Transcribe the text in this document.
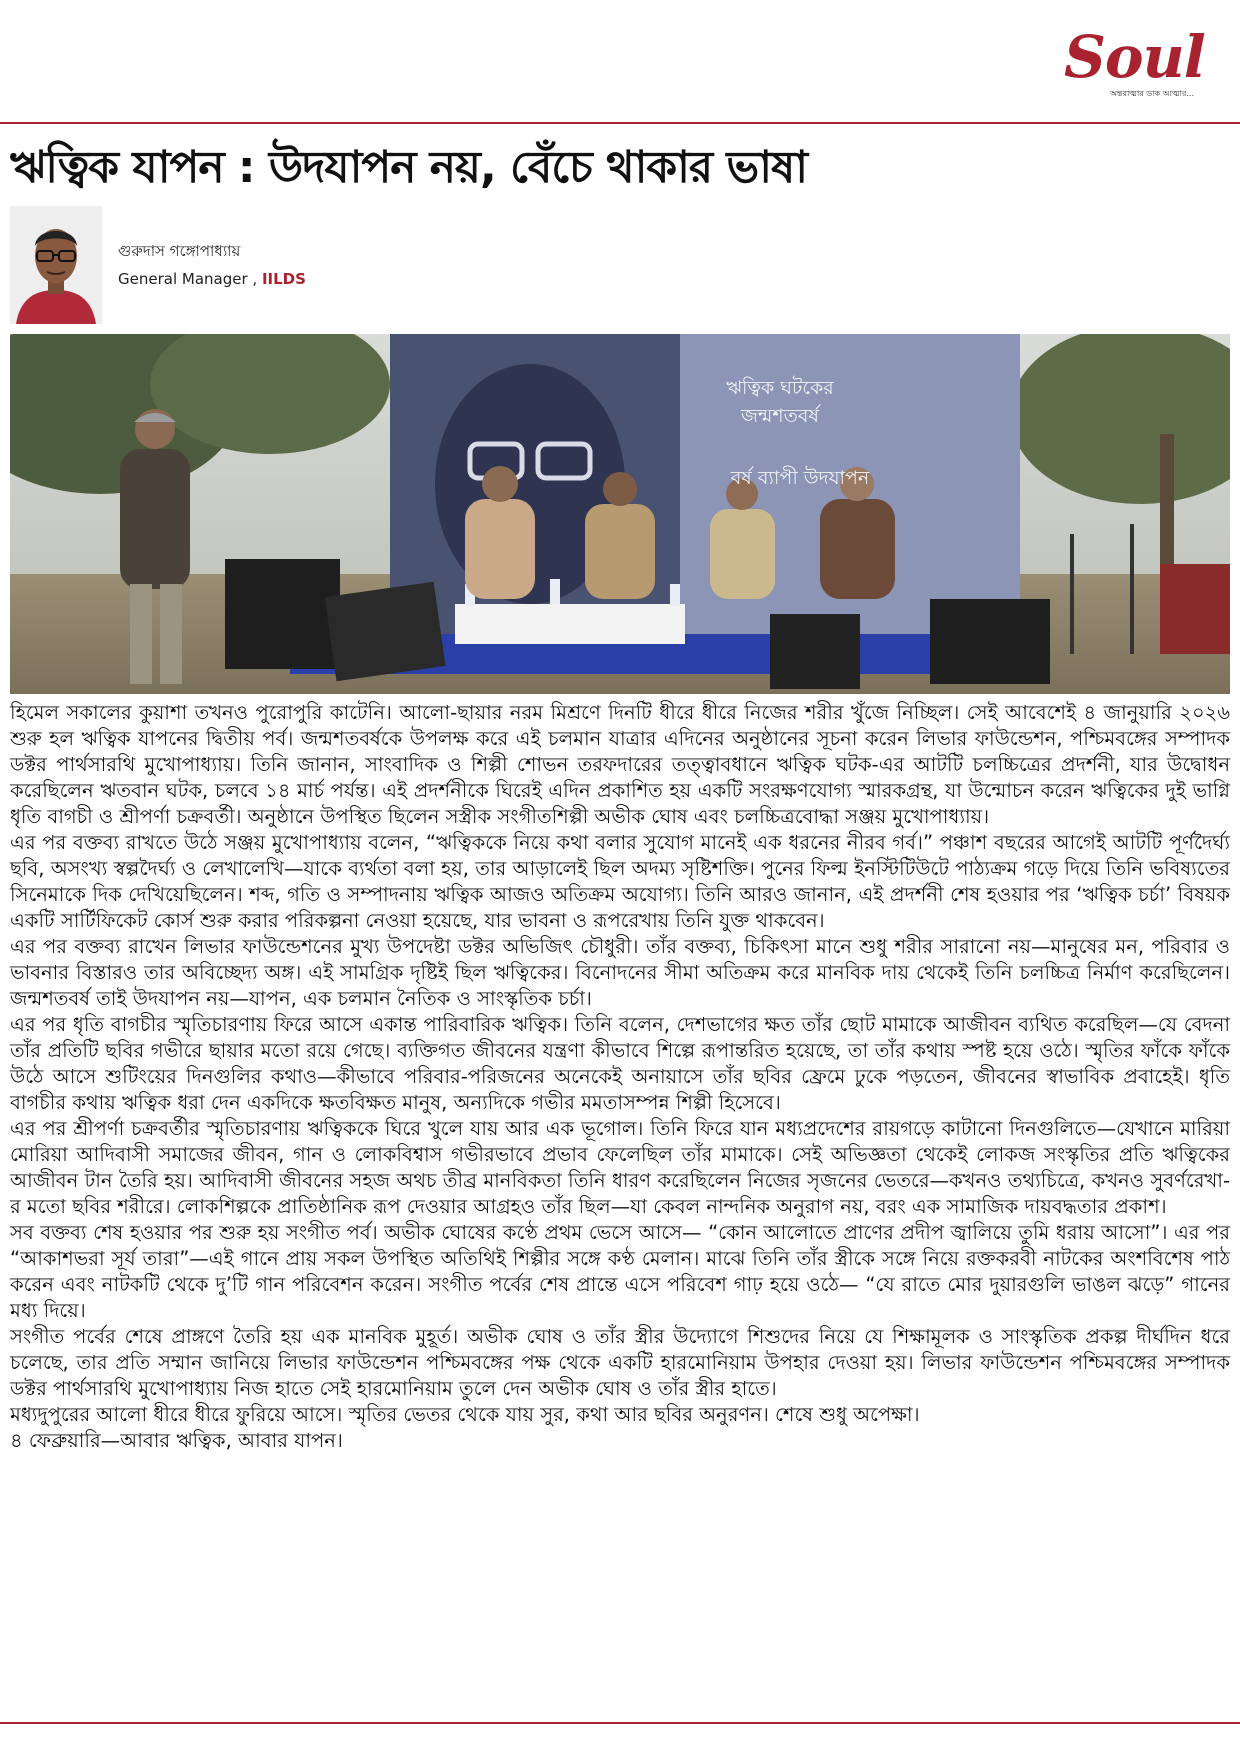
Soul
অন্তরাত্মার ডাক আত্মার...
ঋত্বিক যাপন : উদযাপন নয়, বেঁচে থাকার ভাষা
গুরুদাস গঙ্গোপাধ্যায়
General Manager , IILDS
ঋত্বিক ঘটকের
জন্মশতবর্ষ
বর্ষ ব্যাপী উদযাপন

হিমেল সকালের কুয়াশা তখনও পুরোপুরি কাটেনি। আলো-ছায়ার নরম মিশ্রণে দিনটি ধীরে ধীরে নিজের শরীর খুঁজে নিচ্ছিল। সেই আবেশেই ৪ জানুয়ারি ২০২৬ শুরু হল ঋত্বিক যাপনের দ্বিতীয় পর্ব। জন্মশতবর্ষকে উপলক্ষ করে এই চলমান যাত্রার এদিনের অনুষ্ঠানের সূচনা করেন লিভার ফাউন্ডেশন, পশ্চিমবঙ্গের সম্পাদক ডক্টর পার্থসারথি মুখোপাধ্যায়। তিনি জানান, সাংবাদিক ও শিল্পী শোভন তরফদারের তত্ত্বাবধানে ঋত্বিক ঘটক-এর আটটি চলচ্চিত্রের প্রদর্শনী, যার উদ্বোধন করেছিলেন ঋতবান ঘটক, চলবে ১৪ মার্চ পর্যন্ত। এই প্রদর্শনীকে ঘিরেই এদিন প্রকাশিত হয় একটি সংরক্ষণযোগ্য স্মারকগ্রন্থ, যা উন্মোচন করেন ঋত্বিকের দুই ভাগ্নি ধৃতি বাগচী ও শ্রীপর্ণা চক্রবর্তী। অনুষ্ঠানে উপস্থিত ছিলেন সস্ত্রীক সংগীতশিল্পী অভীক ঘোষ এবং চলচ্চিত্রবোদ্ধা সঞ্জয় মুখোপাধ্যায়।

এর পর বক্তব্য রাখতে উঠে সঞ্জয় মুখোপাধ্যায় বলেন, “ঋত্বিককে নিয়ে কথা বলার সুযোগ মানেই এক ধরনের নীরব গর্ব।” পঞ্চাশ বছরের আগেই আটটি পূর্ণদৈর্ঘ্য ছবি, অসংখ্য স্বল্পদৈর্ঘ্য ও লেখালেখি—যাকে ব্যর্থতা বলা হয়, তার আড়ালেই ছিল অদম্য সৃষ্টিশক্তি। পুনের ফিল্ম ইনস্টিটিউটে পাঠ্যক্রম গড়ে দিয়ে তিনি ভবিষ্যতের সিনেমাকে দিক দেখিয়েছিলেন। শব্দ, গতি ও সম্পাদনায় ঋত্বিক আজও অতিক্রম অযোগ্য। তিনি আরও জানান, এই প্রদর্শনী শেষ হওয়ার পর ‘ঋত্বিক চর্চা’ বিষয়ক একটি সার্টিফিকেট কোর্স শুরু করার পরিকল্পনা নেওয়া হয়েছে, যার ভাবনা ও রূপরেখায় তিনি যুক্ত থাকবেন।

এর পর বক্তব্য রাখেন লিভার ফাউন্ডেশনের মুখ্য উপদেষ্টা ডক্টর অভিজিৎ চৌধুরী। তাঁর বক্তব্য, চিকিৎসা মানে শুধু শরীর সারানো নয়—মানুষের মন, পরিবার ও ভাবনার বিস্তারও তার অবিচ্ছেদ্য অঙ্গ। এই সামগ্রিক দৃষ্টিই ছিল ঋত্বিকের। বিনোদনের সীমা অতিক্রম করে মানবিক দায় থেকেই তিনি চলচ্চিত্র নির্মাণ করেছিলেন। জন্মশতবর্ষ তাই উদযাপন নয়—যাপন, এক চলমান নৈতিক ও সাংস্কৃতিক চর্চা।

এর পর ধৃতি বাগচীর স্মৃতিচারণায় ফিরে আসে একান্ত পারিবারিক ঋত্বিক। তিনি বলেন, দেশভাগের ক্ষত তাঁর ছোট মামাকে আজীবন ব্যথিত করেছিল—যে বেদনা তাঁর প্রতিটি ছবির গভীরে ছায়ার মতো রয়ে গেছে। ব্যক্তিগত জীবনের যন্ত্রণা কীভাবে শিল্পে রূপান্তরিত হয়েছে, তা তাঁর কথায় স্পষ্ট হয়ে ওঠে। স্মৃতির ফাঁকে ফাঁকে উঠে আসে শুটিংয়ের দিনগুলির কথাও—কীভাবে পরিবার-পরিজনের অনেকেই অনায়াসে তাঁর ছবির ফ্রেমে ঢুকে পড়তেন, জীবনের স্বাভাবিক প্রবাহেই। ধৃতি বাগচীর কথায় ঋত্বিক ধরা দেন একদিকে ক্ষতবিক্ষত মানুষ, অন্যদিকে গভীর মমতাসম্পন্ন শিল্পী হিসেবে।

এর পর শ্রীপর্ণা চক্রবর্তীর স্মৃতিচারণায় ঋত্বিককে ঘিরে খুলে যায় আর এক ভূগোল। তিনি ফিরে যান মধ্যপ্রদেশের রায়গড়ে কাটানো দিনগুলিতে—যেখানে মারিয়া মোরিয়া আদিবাসী সমাজের জীবন, গান ও লোকবিশ্বাস গভীরভাবে প্রভাব ফেলেছিল তাঁর মামাকে। সেই অভিজ্ঞতা থেকেই লোকজ সংস্কৃতির প্রতি ঋত্বিকের আজীবন টান তৈরি হয়। আদিবাসী জীবনের সহজ অথচ তীব্র মানবিকতা তিনি ধারণ করেছিলেন নিজের সৃজনের ভেতরে—কখনও তথ্যচিত্রে, কখনও সুবর্ণরেখা-র মতো ছবির শরীরে। লোকশিল্পকে প্রাতিষ্ঠানিক রূপ দেওয়ার আগ্রহও তাঁর ছিল—যা কেবল নান্দনিক অনুরাগ নয়, বরং এক সামাজিক দায়বদ্ধতার প্রকাশ।

সব বক্তব্য শেষ হওয়ার পর শুরু হয় সংগীত পর্ব। অভীক ঘোষের কণ্ঠে প্রথম ভেসে আসে— “কোন আলোতে প্রাণের প্রদীপ জ্বালিয়ে তুমি ধরায় আসো”। এর পর “আকাশভরা সূর্য তারা”—এই গানে প্রায় সকল উপস্থিত অতিথিই শিল্পীর সঙ্গে কণ্ঠ মেলান। মাঝে তিনি তাঁর স্ত্রীকে সঙ্গে নিয়ে রক্তকরবী নাটকের অংশবিশেষ পাঠ করেন এবং নাটকটি থেকে দু’টি গান পরিবেশন করেন। সংগীত পর্বের শেষ প্রান্তে এসে পরিবেশ গাঢ় হয়ে ওঠে— “যে রাতে মোর দুয়ারগুলি ভাঙল ঝড়ে” গানের মধ্য দিয়ে।

সংগীত পর্বের শেষে প্রাঙ্গণে তৈরি হয় এক মানবিক মুহূর্ত। অভীক ঘোষ ও তাঁর স্ত্রীর উদ্যোগে শিশুদের নিয়ে যে শিক্ষামূলক ও সাংস্কৃতিক প্রকল্প দীর্ঘদিন ধরে চলেছে, তার প্রতি সম্মান জানিয়ে লিভার ফাউন্ডেশন পশ্চিমবঙ্গের পক্ষ থেকে একটি হারমোনিয়াম উপহার দেওয়া হয়। লিভার ফাউন্ডেশন পশ্চিমবঙ্গের সম্পাদক ডক্টর পার্থসারথি মুখোপাধ্যায় নিজ হাতে সেই হারমোনিয়াম তুলে দেন অভীক ঘোষ ও তাঁর স্ত্রীর হাতে।

মধ্যদুপুরের আলো ধীরে ধীরে ফুরিয়ে আসে। স্মৃতির ভেতর থেকে যায় সুর, কথা আর ছবির অনুরণন। শেষে শুধু অপেক্ষা।

৪ ফেব্রুয়ারি—আবার ঋত্বিক, আবার যাপন।
